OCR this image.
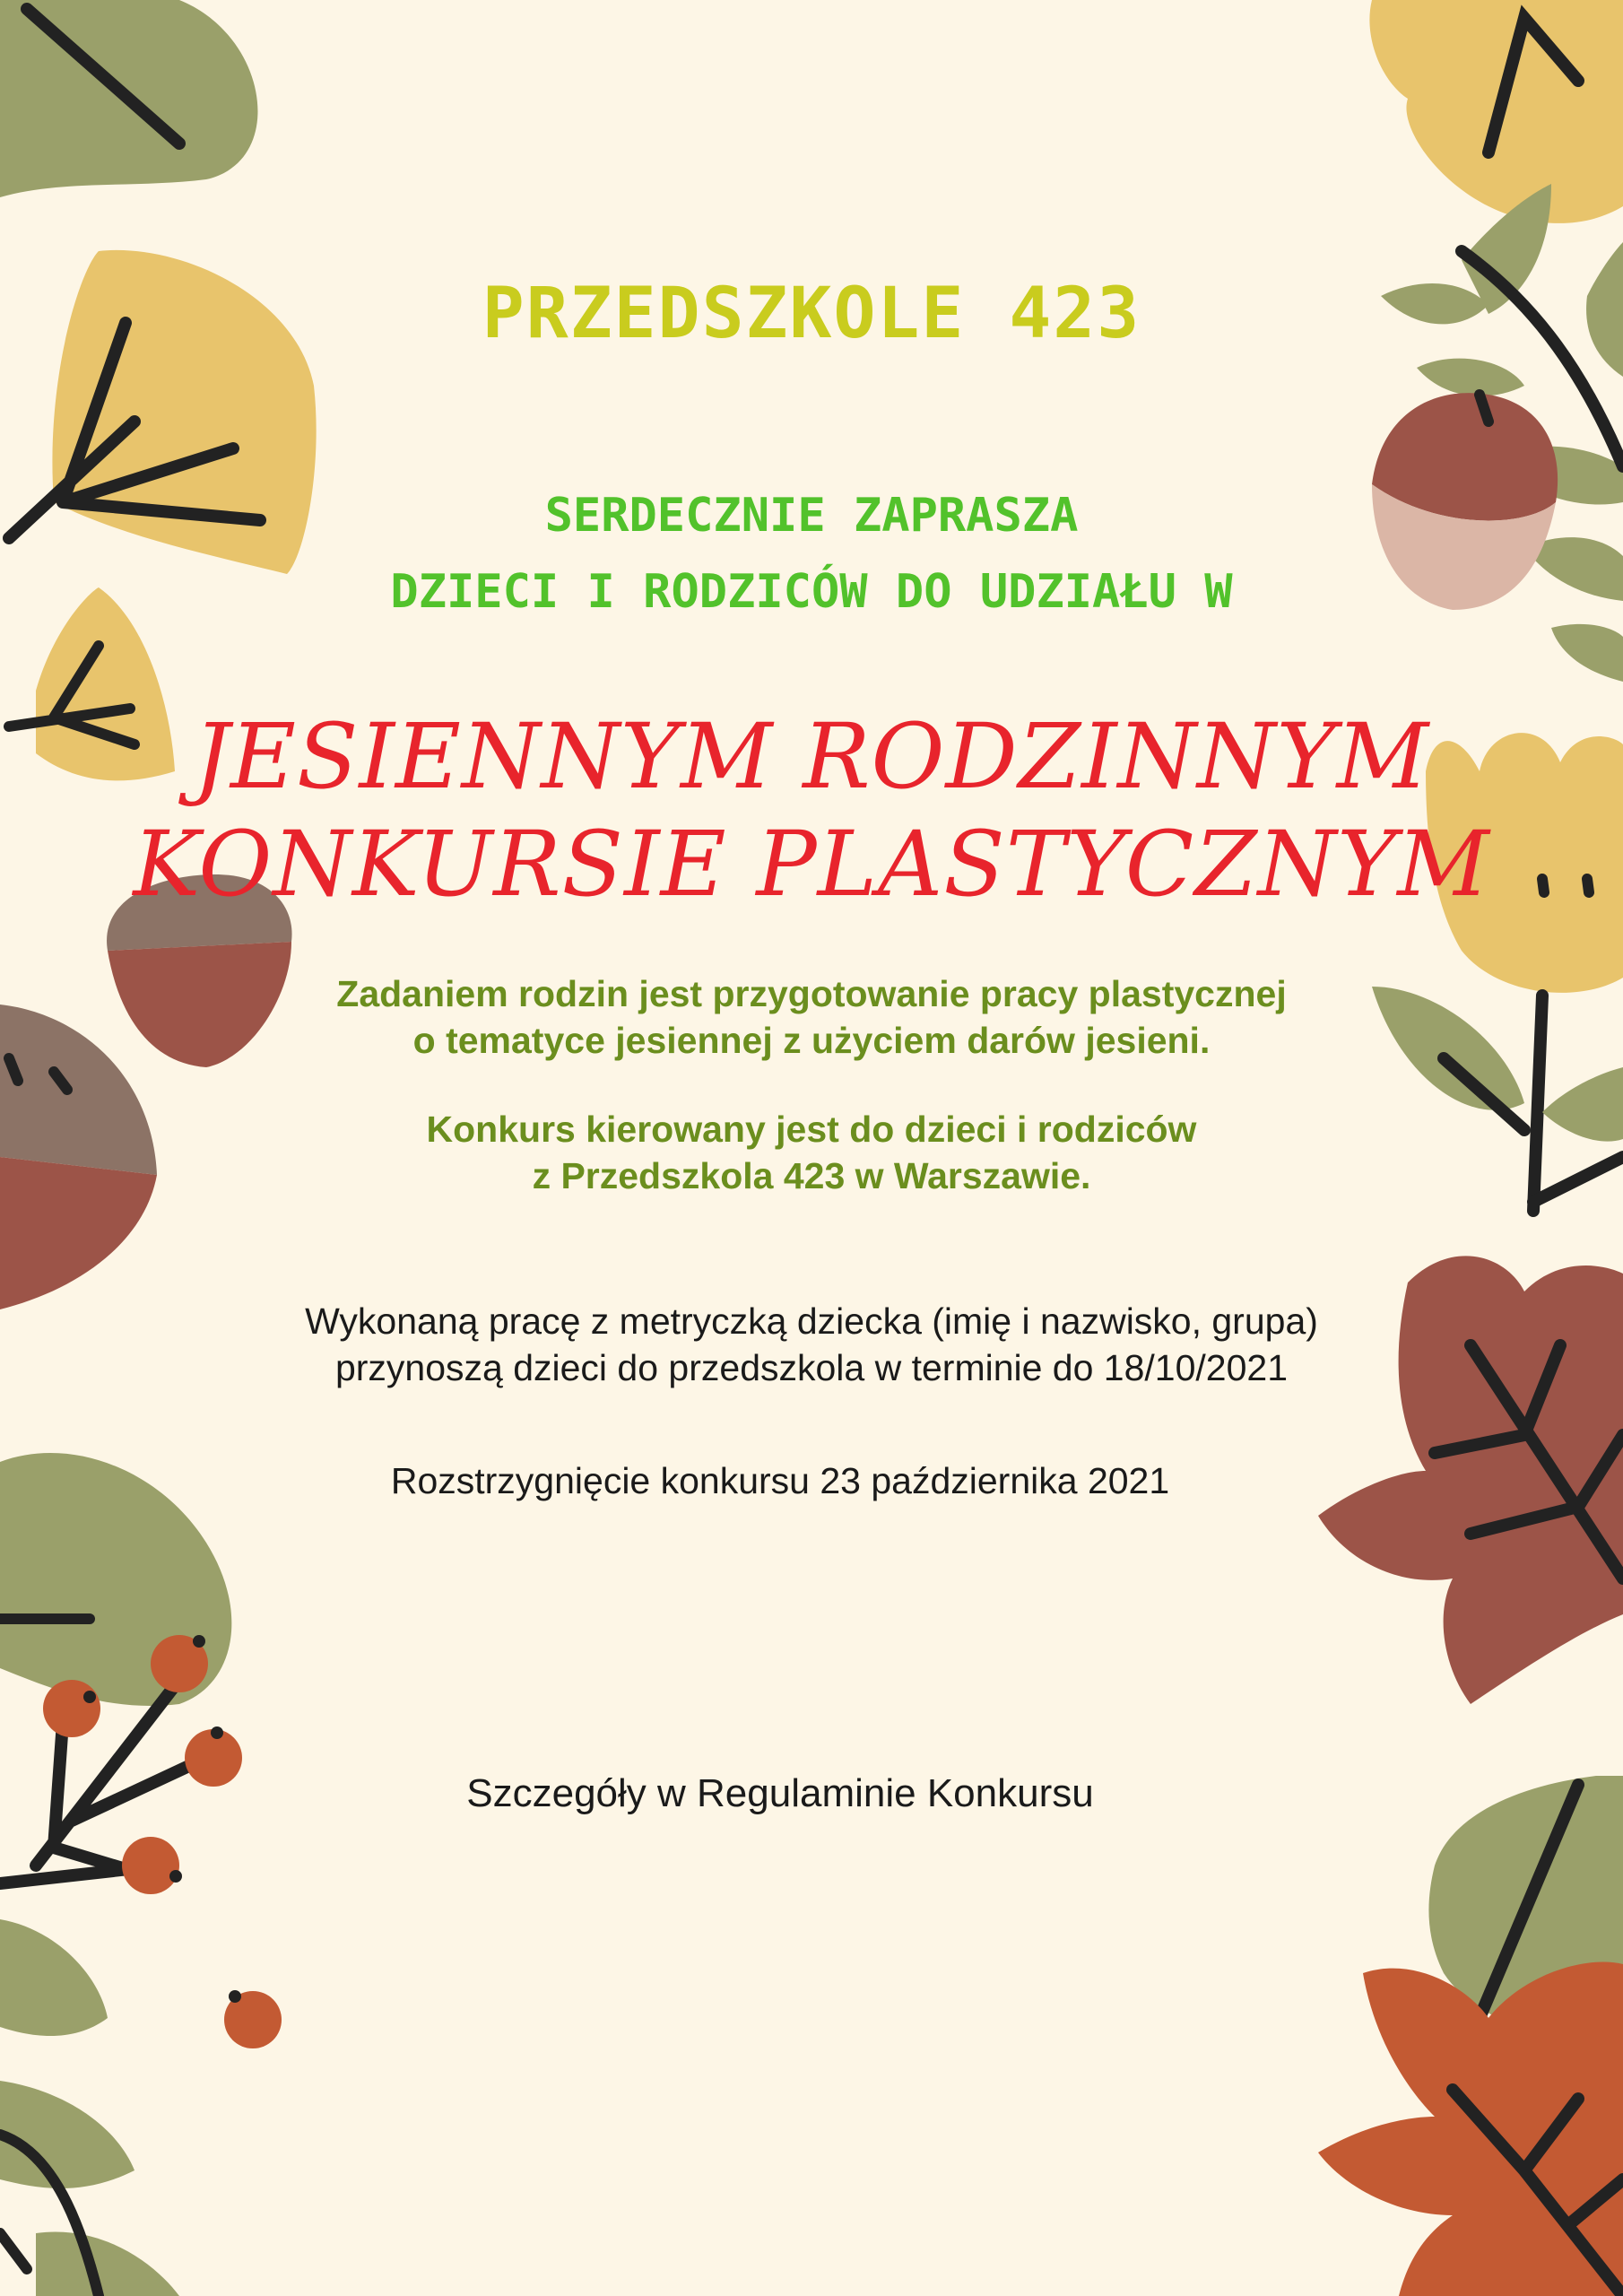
PRZEDSZKOLE 423
SERDECZNIE ZAPRASZA
DZIECI I RODZICÓW DO UDZIAŁU W
JESIENNYM RODZINNYM
KONKURSIE PLASTYCZNYM
Zadaniem rodzin jest przygotowanie pracy plastycznej
o tematyce jesiennej z użyciem darów jesieni.
Konkurs kierowany jest do dzieci i rodziców
z Przedszkola 423 w Warszawie.
Wykonaną pracę z metryczką dziecka (imię i nazwisko, grupa)
przynoszą dzieci do przedszkola w terminie do 18/10/2021
Rozstrzygnięcie konkursu 23 października 2021
Szczegóły w Regulaminie Konkursu
